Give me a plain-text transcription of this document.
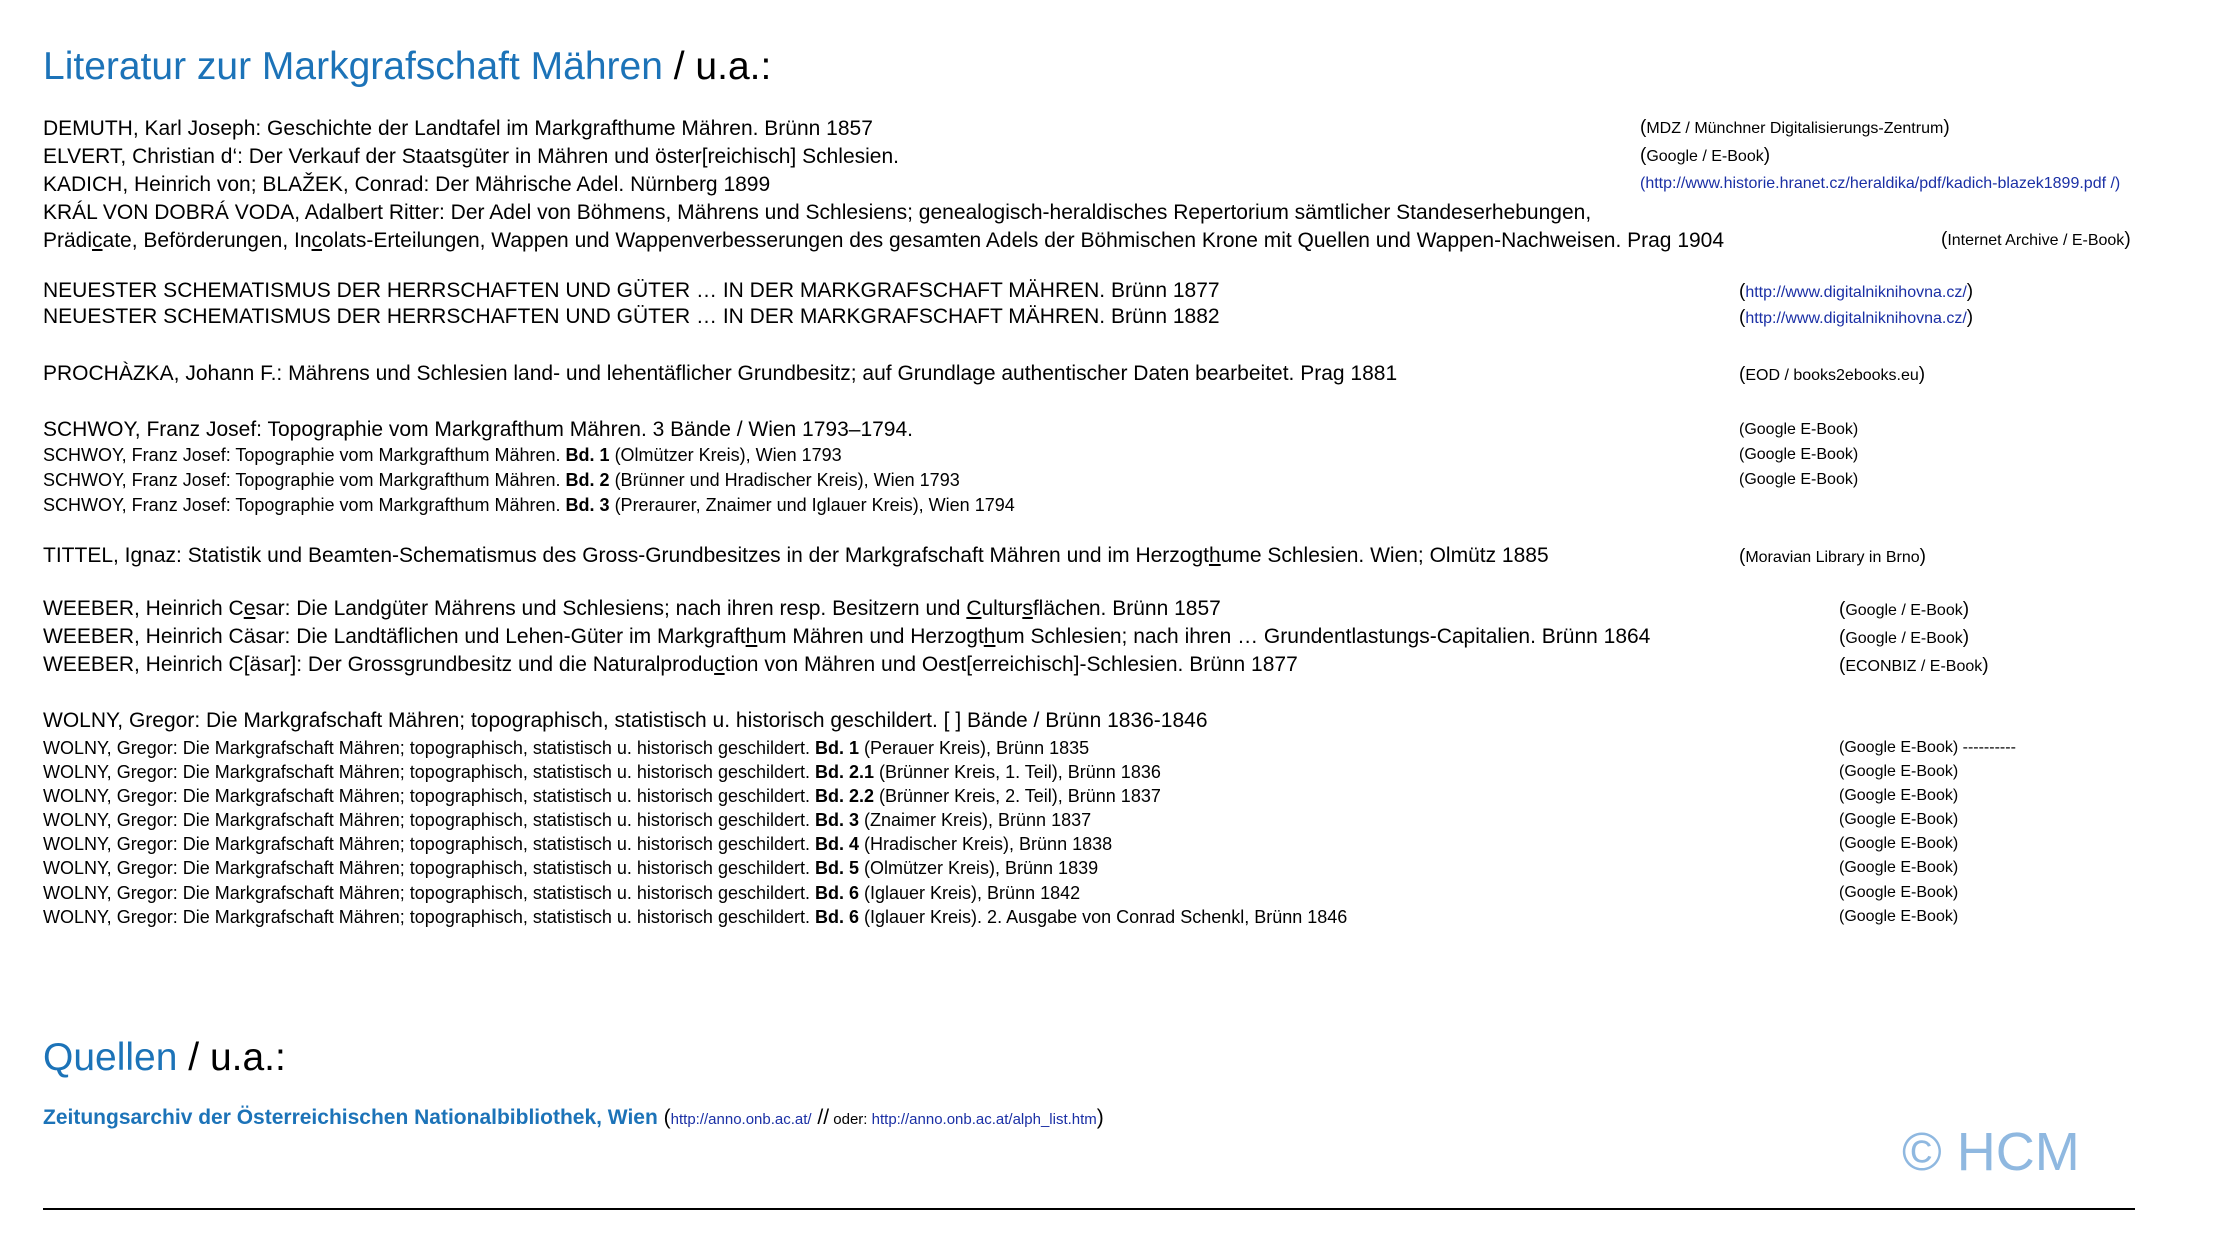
Literatur zur Markgrafschaft Mähren / u.a.:
DEMUTH, Karl Joseph: Geschichte der Landtafel im Markgrafthume Mähren. Brünn 1857	(MDZ / Münchner Digitalisierungs-Zentrum)
ELVERT, Christian d‘: Der Verkauf der Staatsgüter in Mähren und öster[reichisch] Schlesien.	(Google / E-Book)
KADICH, Heinrich von; BLAŽEK, Conrad: Der Mährische Adel. Nürnberg 1899	(http://www.historie.hranet.cz/heraldika/pdf/kadich-blazek1899.pdf /)
KRÁL VON DOBRÁ VODA, Adalbert Ritter: Der Adel von Böhmens, Mährens und Schlesiens; genealogisch-heraldisches Repertorium sämtlicher Standeserhebungen,
Prädicate, Beförderungen, Incolats-Erteilungen, Wappen und Wappenverbesserungen des gesamten Adels der Böhmischen Krone mit Quellen und Wappen-Nachweisen. Prag 1904	(Internet Archive / E-Book)
NEUESTER SCHEMATISMUS DER HERRSCHAFTEN UND GÜTER … IN DER MARKGRAFSCHAFT MÄHREN. Brünn 1877	(http://www.digitalniknihovna.cz/)
NEUESTER SCHEMATISMUS DER HERRSCHAFTEN UND GÜTER … IN DER MARKGRAFSCHAFT MÄHREN. Brünn 1882	(http://www.digitalniknihovna.cz/)
PROCHÀZKA, Johann F.: Mährens und Schlesien land- und lehentäflicher Grundbesitz; auf Grundlage authentischer Daten bearbeitet. Prag 1881	(EOD / books2ebooks.eu)
SCHWOY, Franz Josef: Topographie vom Markgrafthum Mähren. 3 Bände / Wien 1793–1794.	(Google E-Book)
SCHWOY, Franz Josef: Topographie vom Markgrafthum Mähren. Bd. 1 (Olmützer Kreis), Wien 1793	(Google E-Book)
SCHWOY, Franz Josef: Topographie vom Markgrafthum Mähren. Bd. 2 (Brünner und Hradischer Kreis), Wien 1793	(Google E-Book)
SCHWOY, Franz Josef: Topographie vom Markgrafthum Mähren. Bd. 3 (Preraurer, Znaimer und Iglauer Kreis), Wien 1794
TITTEL, Ignaz: Statistik und Beamten-Schematismus des Gross-Grundbesitzes in der Markgrafschaft Mähren und im Herzogthume Schlesien. Wien; Olmütz 1885	(Moravian Library in Brno)
WEEBER, Heinrich Cesar: Die Landgüter Mährens und Schlesiens; nach ihren resp. Besitzern und Cultursflächen. Brünn 1857	(Google / E-Book)
WEEBER, Heinrich Cäsar: Die Landtäflichen und Lehen-Güter im Markgrafthum Mähren und Herzogthum Schlesien; nach ihren … Grundentlastungs-Capitalien. Brünn 1864	(Google / E-Book)
WEEBER, Heinrich C[äsar]: Der Grossgrundbesitz und die Naturalproduction von Mähren und Oest[erreichisch]-Schlesien. Brünn 1877	(ECONBIZ / E-Book)
WOLNY, Gregor: Die Markgrafschaft Mähren; topographisch, statistisch u. historisch geschildert. [ ] Bände / Brünn 1836-1846
WOLNY, Gregor: Die Markgrafschaft Mähren; topographisch, statistisch u. historisch geschildert. Bd. 1 (Perauer Kreis), Brünn 1835	(Google E-Book) ----------
WOLNY, Gregor: Die Markgrafschaft Mähren; topographisch, statistisch u. historisch geschildert. Bd. 2.1 (Brünner Kreis, 1. Teil), Brünn 1836	(Google E-Book)
WOLNY, Gregor: Die Markgrafschaft Mähren; topographisch, statistisch u. historisch geschildert. Bd. 2.2 (Brünner Kreis, 2. Teil), Brünn 1837	(Google E-Book)
WOLNY, Gregor: Die Markgrafschaft Mähren; topographisch, statistisch u. historisch geschildert. Bd. 3 (Znaimer Kreis), Brünn 1837	(Google E-Book)
WOLNY, Gregor: Die Markgrafschaft Mähren; topographisch, statistisch u. historisch geschildert. Bd. 4 (Hradischer Kreis), Brünn 1838	(Google E-Book)
WOLNY, Gregor: Die Markgrafschaft Mähren; topographisch, statistisch u. historisch geschildert. Bd. 5 (Olmützer Kreis), Brünn 1839	(Google E-Book)
WOLNY, Gregor: Die Markgrafschaft Mähren; topographisch, statistisch u. historisch geschildert. Bd. 6 (Iglauer Kreis), Brünn 1842	(Google E-Book)
WOLNY, Gregor: Die Markgrafschaft Mähren; topographisch, statistisch u. historisch geschildert. Bd. 6 (Iglauer Kreis). 2. Ausgabe von Conrad Schenkl, Brünn 1846	(Google E-Book)
Quellen / u.a.:
Zeitungsarchiv der Österreichischen Nationalbibliothek, Wien (http://anno.onb.ac.at/ // oder: http://anno.onb.ac.at/alph_list.htm)
© HCM
